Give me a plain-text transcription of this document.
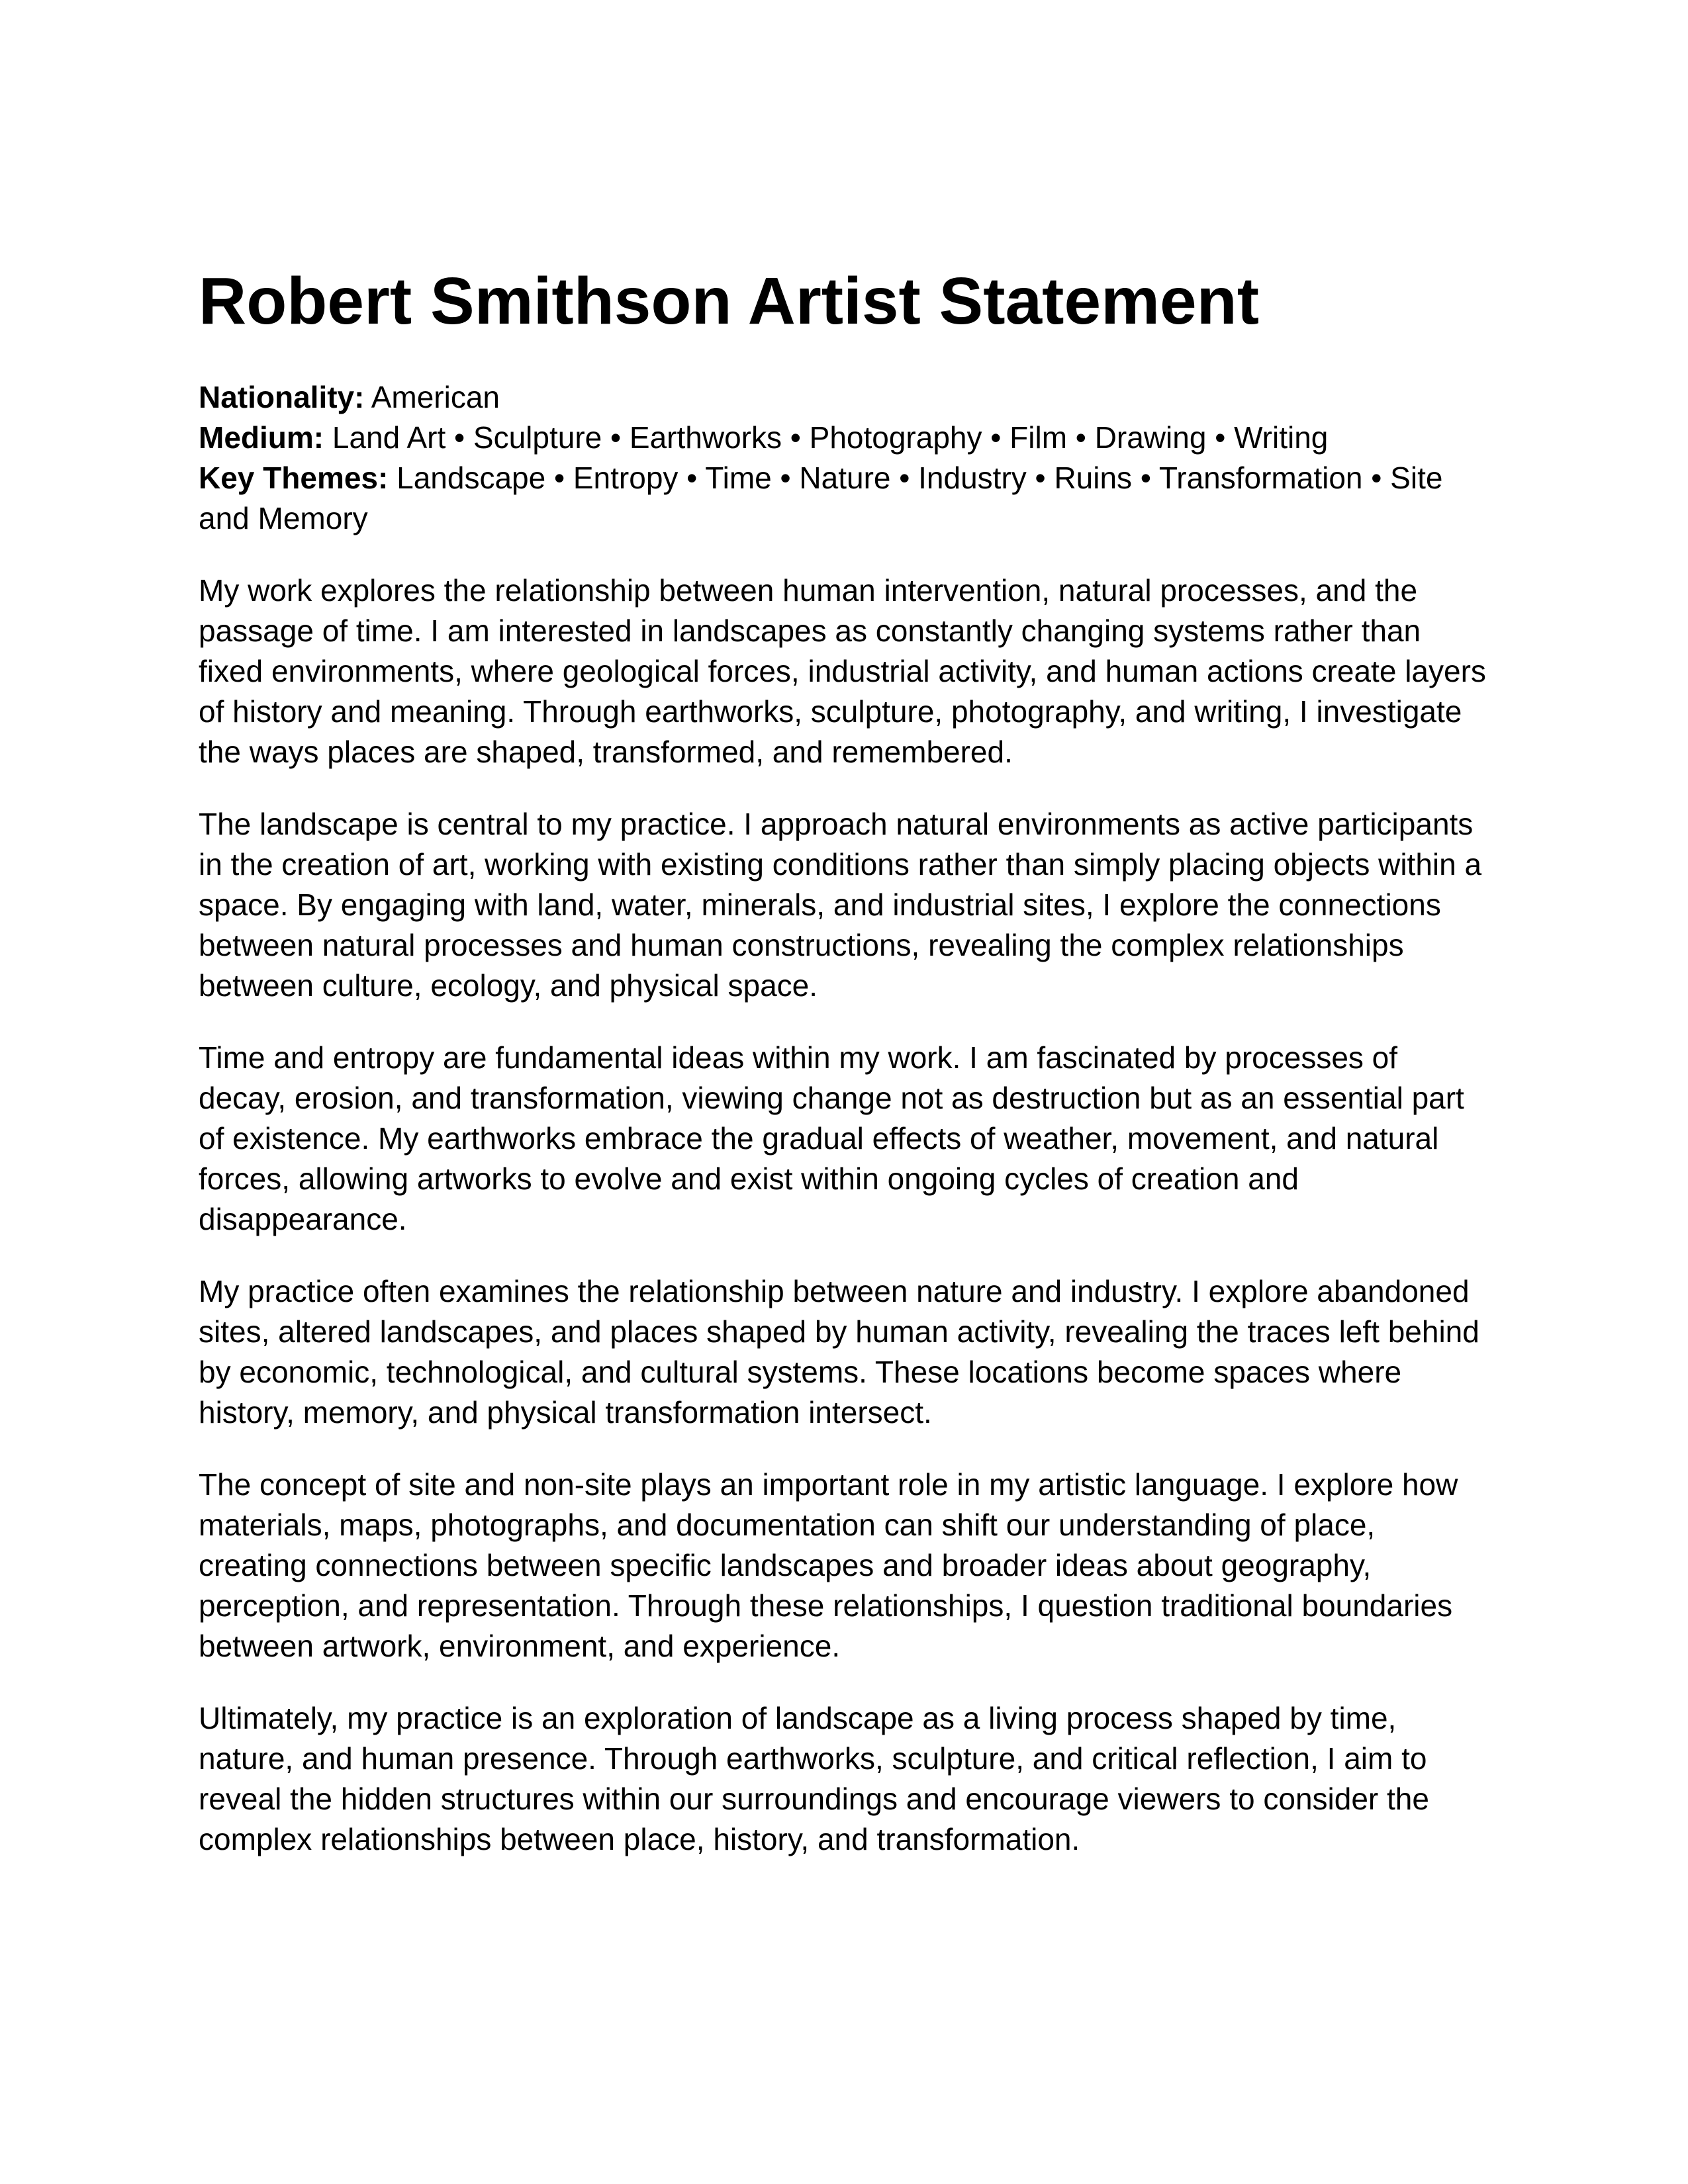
Robert Smithson Artist Statement
Nationality: American
Medium: Land Art • Sculpture • Earthworks • Photography • Film • Drawing • Writing
Key Themes: Landscape • Entropy • Time • Nature • Industry • Ruins • Transformation • Site and Memory

My work explores the relationship between human intervention, natural processes, and the passage of time. I am interested in landscapes as constantly changing systems rather than fixed environments, where geological forces, industrial activity, and human actions create layers of history and meaning. Through earthworks, sculpture, photography, and writing, I investigate the ways places are shaped, transformed, and remembered.

The landscape is central to my practice. I approach natural environments as active participants in the creation of art, working with existing conditions rather than simply placing objects within a space. By engaging with land, water, minerals, and industrial sites, I explore the connections between natural processes and human constructions, revealing the complex relationships between culture, ecology, and physical space.

Time and entropy are fundamental ideas within my work. I am fascinated by processes of decay, erosion, and transformation, viewing change not as destruction but as an essential part of existence. My earthworks embrace the gradual effects of weather, movement, and natural forces, allowing artworks to evolve and exist within ongoing cycles of creation and disappearance.

My practice often examines the relationship between nature and industry. I explore abandoned sites, altered landscapes, and places shaped by human activity, revealing the traces left behind by economic, technological, and cultural systems. These locations become spaces where history, memory, and physical transformation intersect.

The concept of site and non-site plays an important role in my artistic language. I explore how materials, maps, photographs, and documentation can shift our understanding of place, creating connections between specific landscapes and broader ideas about geography, perception, and representation. Through these relationships, I question traditional boundaries between artwork, environment, and experience.

Ultimately, my practice is an exploration of landscape as a living process shaped by time, nature, and human presence. Through earthworks, sculpture, and critical reflection, I aim to reveal the hidden structures within our surroundings and encourage viewers to consider the complex relationships between place, history, and transformation.
